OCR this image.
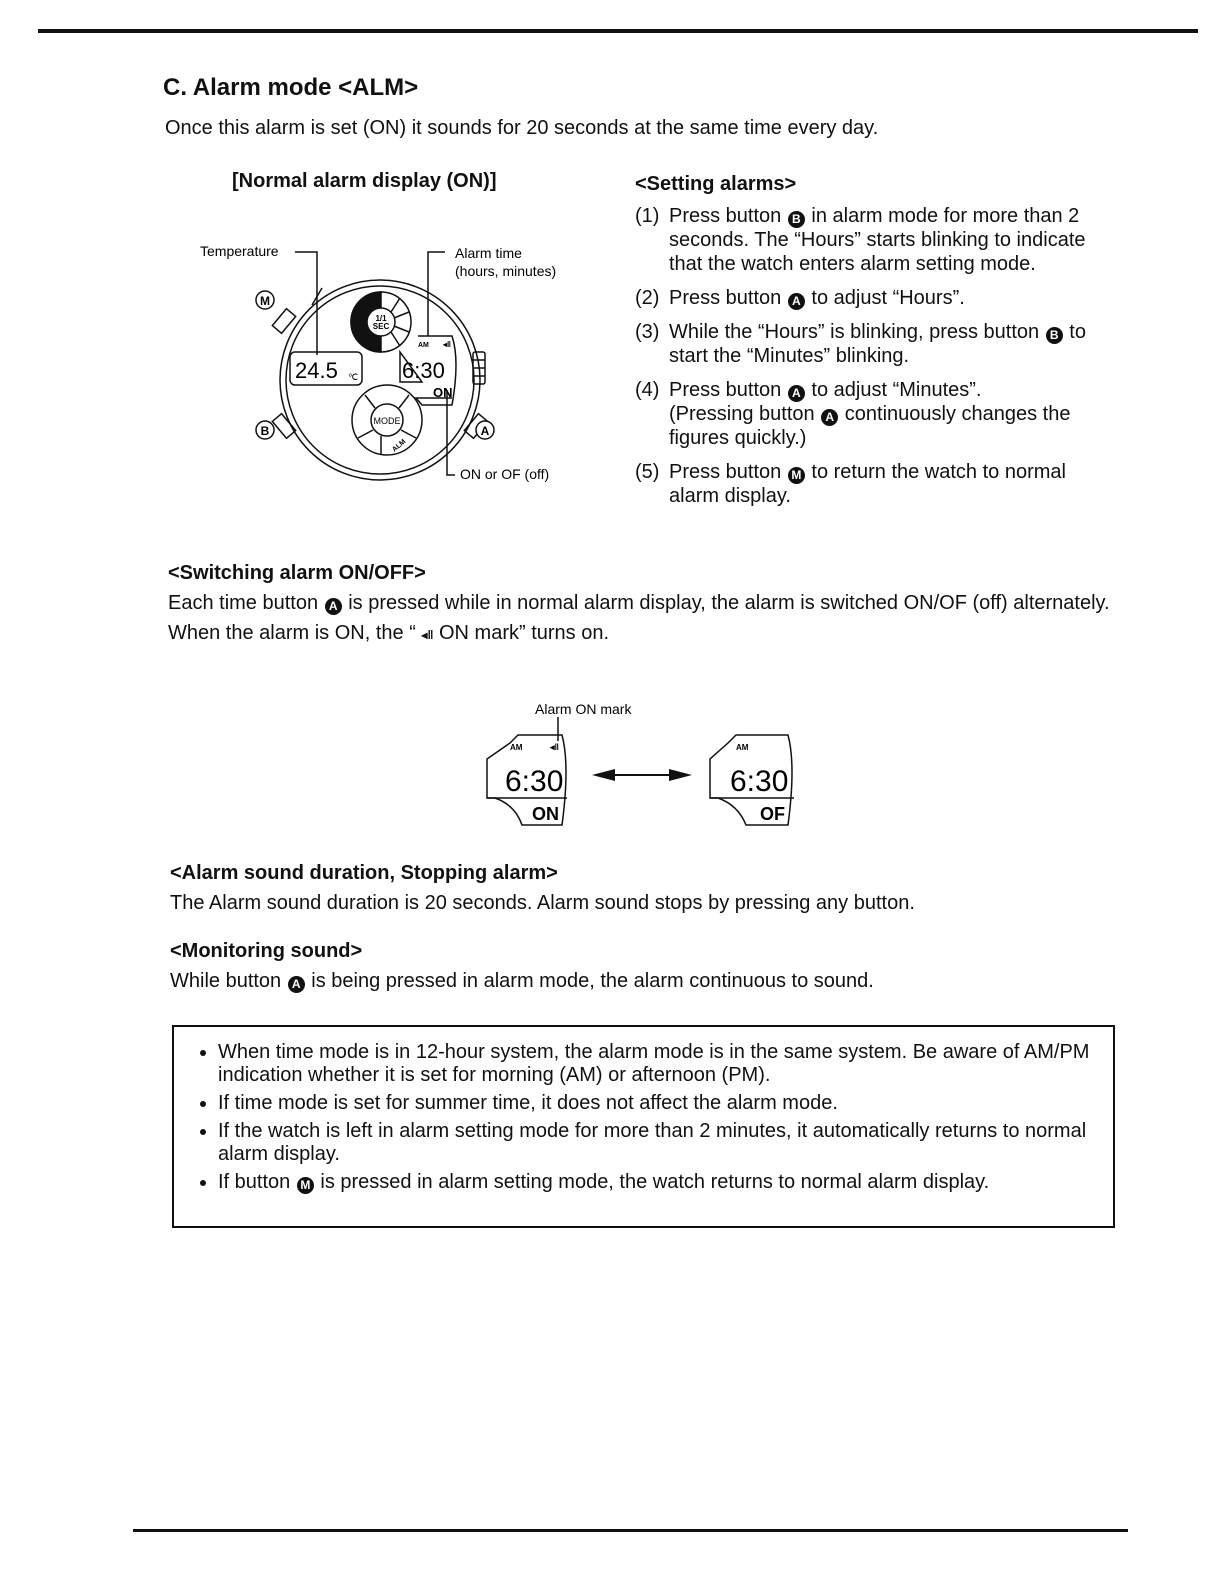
C. Alarm mode <ALM>
Once this alarm is set (ON) it sounds for 20 seconds at the same time every day.
[Normal alarm display (ON)]
1/1
SEC
24.5 ℃
AM ◂ǁ
6:30
ON
MODE
ALM
M
B	A
Temperature	Alarm time
(hours, minutes)
ON or OF (off)
<Setting alarms>
(1) Press button B in alarm mode for more than 2 seconds. The “Hours” starts blinking to indicate that the watch enters alarm setting mode.
(2) Press button A to adjust “Hours”.
(3) While the “Hours” is blinking, press button B to start the “Minutes” blinking.
(4) Press button A to adjust “Minutes”.
(Pressing button A continuously changes the figures quickly.)
(5) Press button M to return the watch to normal alarm display.
<Switching alarm ON/OFF>
Each time button A is pressed while in normal alarm display, the alarm is switched ON/OF (off) alternately.
When the alarm is ON, the “ ◂ǁ ON mark” turns on.
Alarm ON mark
AM	◂ǁ
6:30
ON
AM
6:30
OF
<Alarm sound duration, Stopping alarm>
The Alarm sound duration is 20 seconds. Alarm sound stops by pressing any button.
<Monitoring sound>
While button A is being pressed in alarm mode, the alarm continuous to sound.
• When time mode is in 12-hour system, the alarm mode is in the same system. Be aware of AM/PM indication whether it is set for morning (AM) or afternoon (PM).
• If time mode is set for summer time, it does not affect the alarm mode.
• If the watch is left in alarm setting mode for more than 2 minutes, it automatically returns to normal alarm display.
• If button M is pressed in alarm setting mode, the watch returns to normal alarm display.
